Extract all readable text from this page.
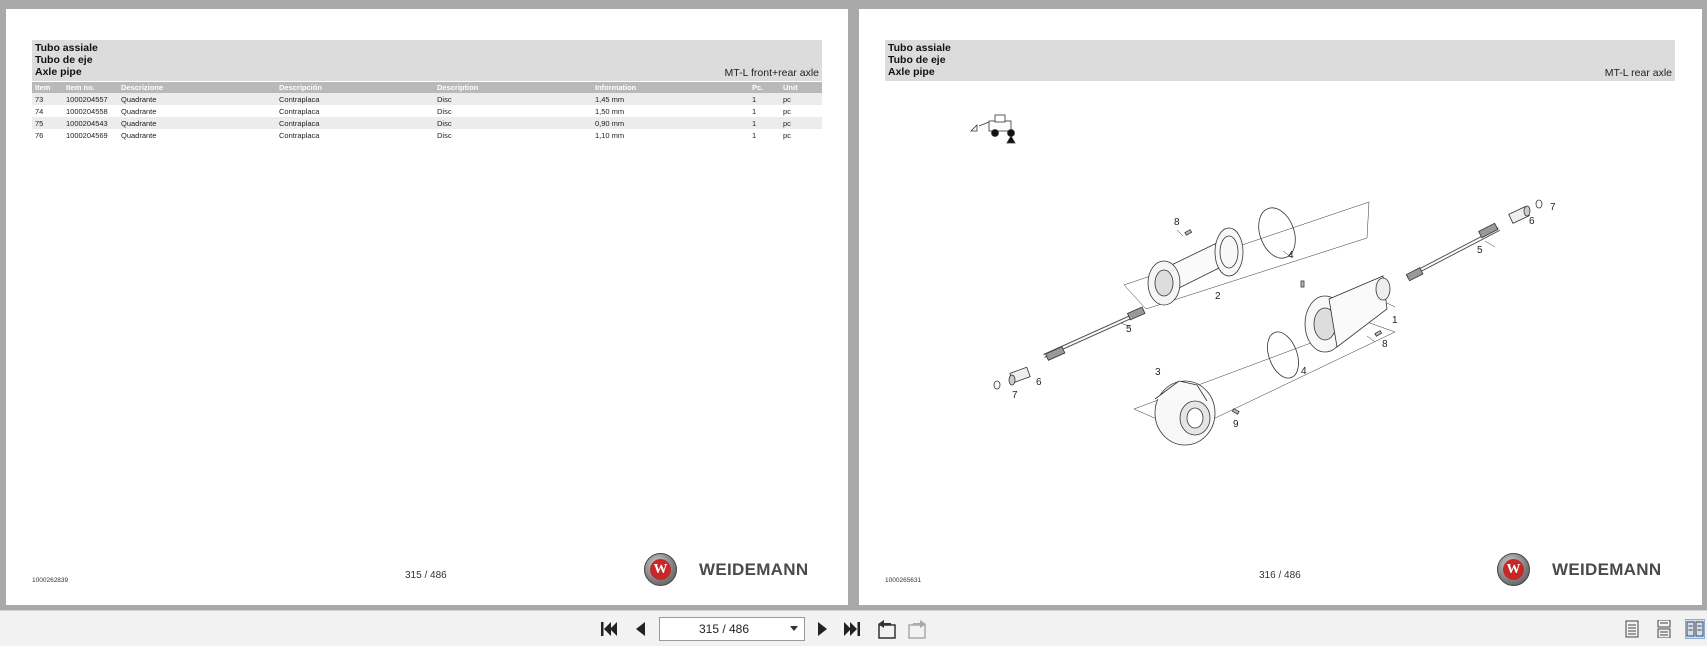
Tubo assiale
Tubo de eje
Axle pipe	MT-L front+rear axle
Item	Item no.	Descrizione	Descripción	Description	Information	Pc.	Unit
73	1000204557	Quadrante	Contraplaca	Disc	1,45 mm	1	pc
74	1000204558	Quadrante	Contraplaca	Disc	1,50 mm	1	pc
75	1000204543	Quadrante	Contraplaca	Disc	0,90 mm	1	pc
76	1000204569	Quadrante	Contraplaca	Disc	1,10 mm	1	pc
1000262839	315 / 486	W WEIDEMANN
Tubo assiale
Tubo de eje
Axle pipe	MT-L rear axle
1
2
3
4
4
5
5
6
6
7
7
8
8
9
1000265631	316 / 486	W WEIDEMANN
315 / 486
